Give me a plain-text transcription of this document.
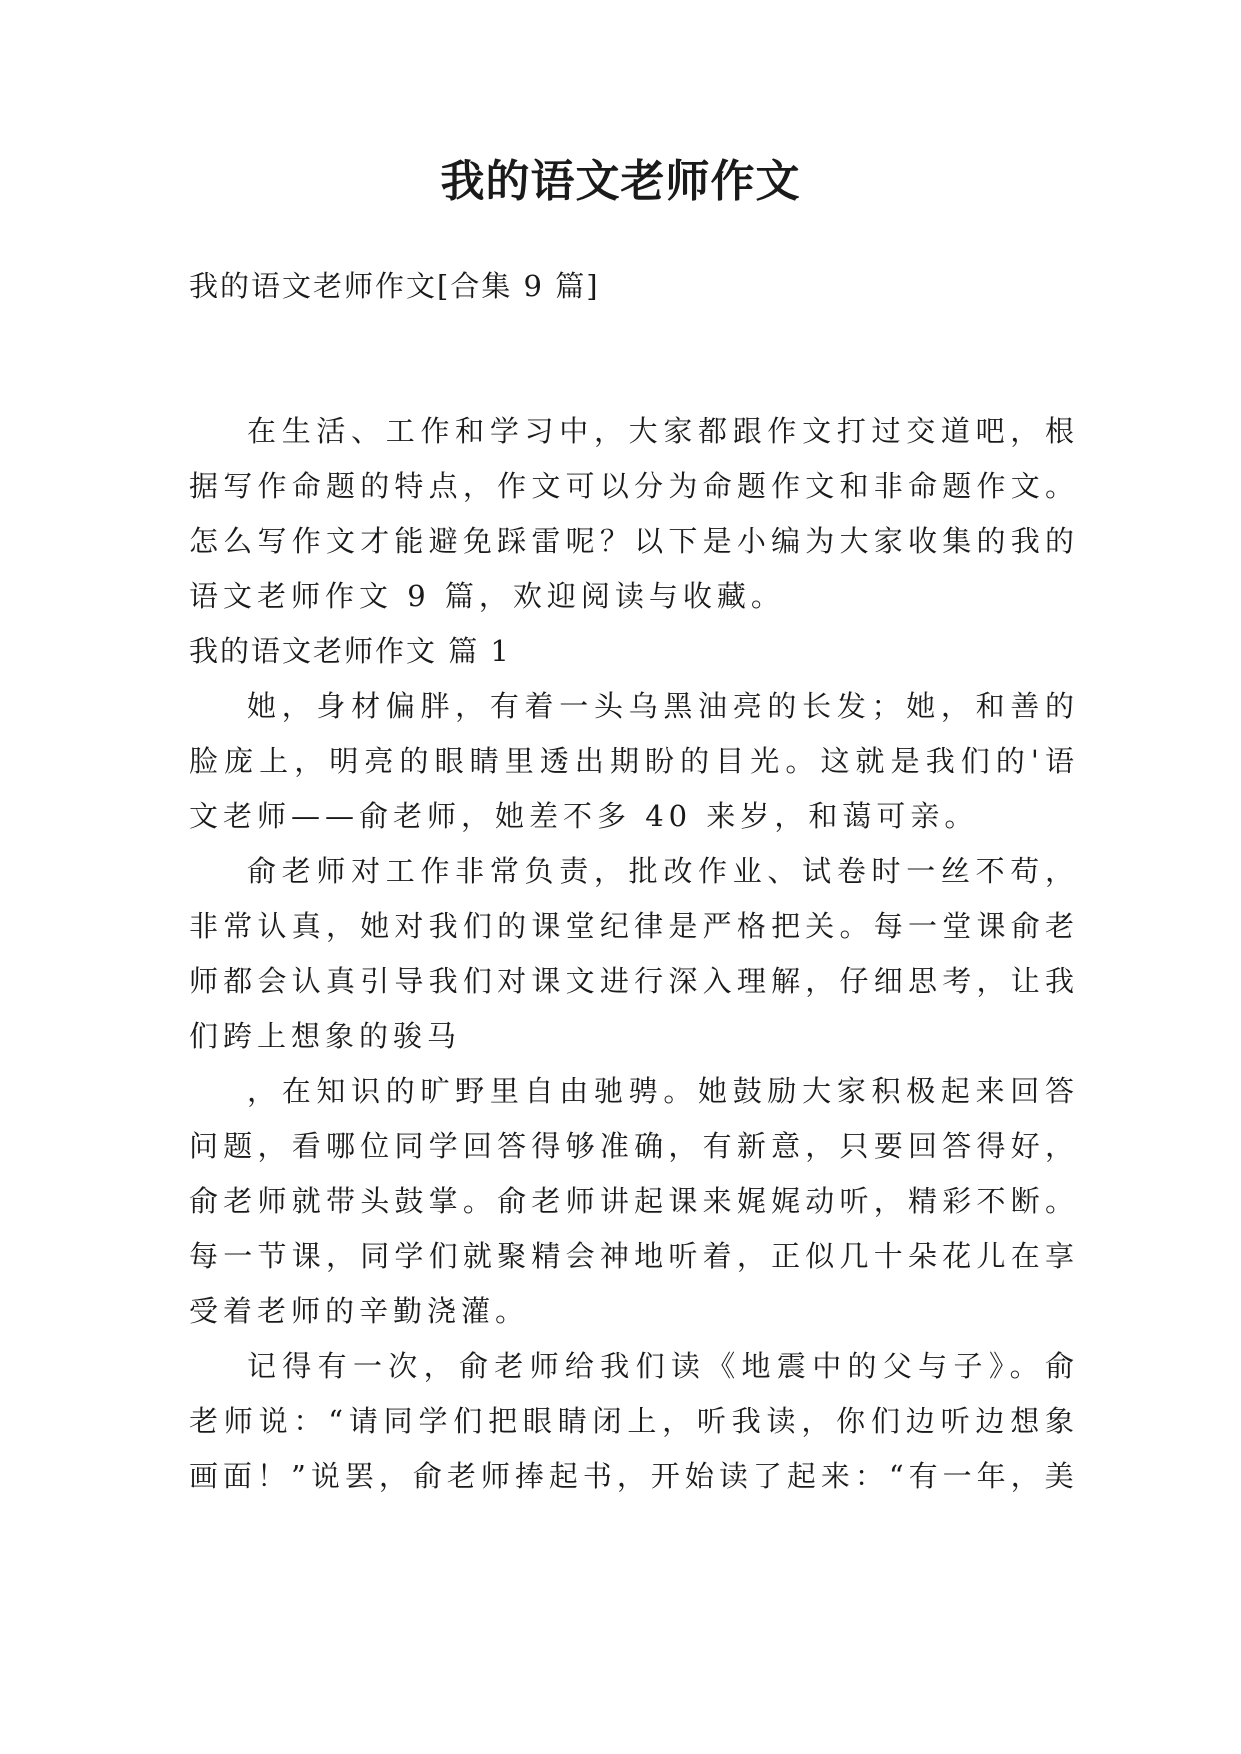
我的语文老师作文
我的语文老师作文[合集 9 篇]

在生活、工作和学习中，大家都跟作文打过交道吧，根据写作命题的特点，作文可以分为命题作文和非命题作文。怎么写作文才能避免踩雷呢？以下是小编为大家收集的我的语文老师作文 9 篇，欢迎阅读与收藏。

我的语文老师作文 篇 1

她，身材偏胖，有着一头乌黑油亮的长发；她，和善的脸庞上，明亮的眼睛里透出期盼的目光。这就是我们的'语文老师——俞老师，她差不多 40 来岁，和蔼可亲。

俞老师对工作非常负责，批改作业、试卷时一丝不苟，非常认真，她对我们的课堂纪律是严格把关。每一堂课俞老师都会认真引导我们对课文进行深入理解，仔细思考，让我们跨上想象的骏马

，在知识的旷野里自由驰骋。她鼓励大家积极起来回答问题，看哪位同学回答得够准确，有新意，只要回答得好，俞老师就带头鼓掌。俞老师讲起课来娓娓动听，精彩不断。每一节课，同学们就聚精会神地听着，正似几十朵花儿在享受着老师的辛勤浇灌。

记得有一次，俞老师给我们读《地震中的父与子》。俞老师说：“请同学们把眼睛闭上，听我读，你们边听边想象画面！”说罢，俞老师捧起书，开始读了起来：“有一年，美
